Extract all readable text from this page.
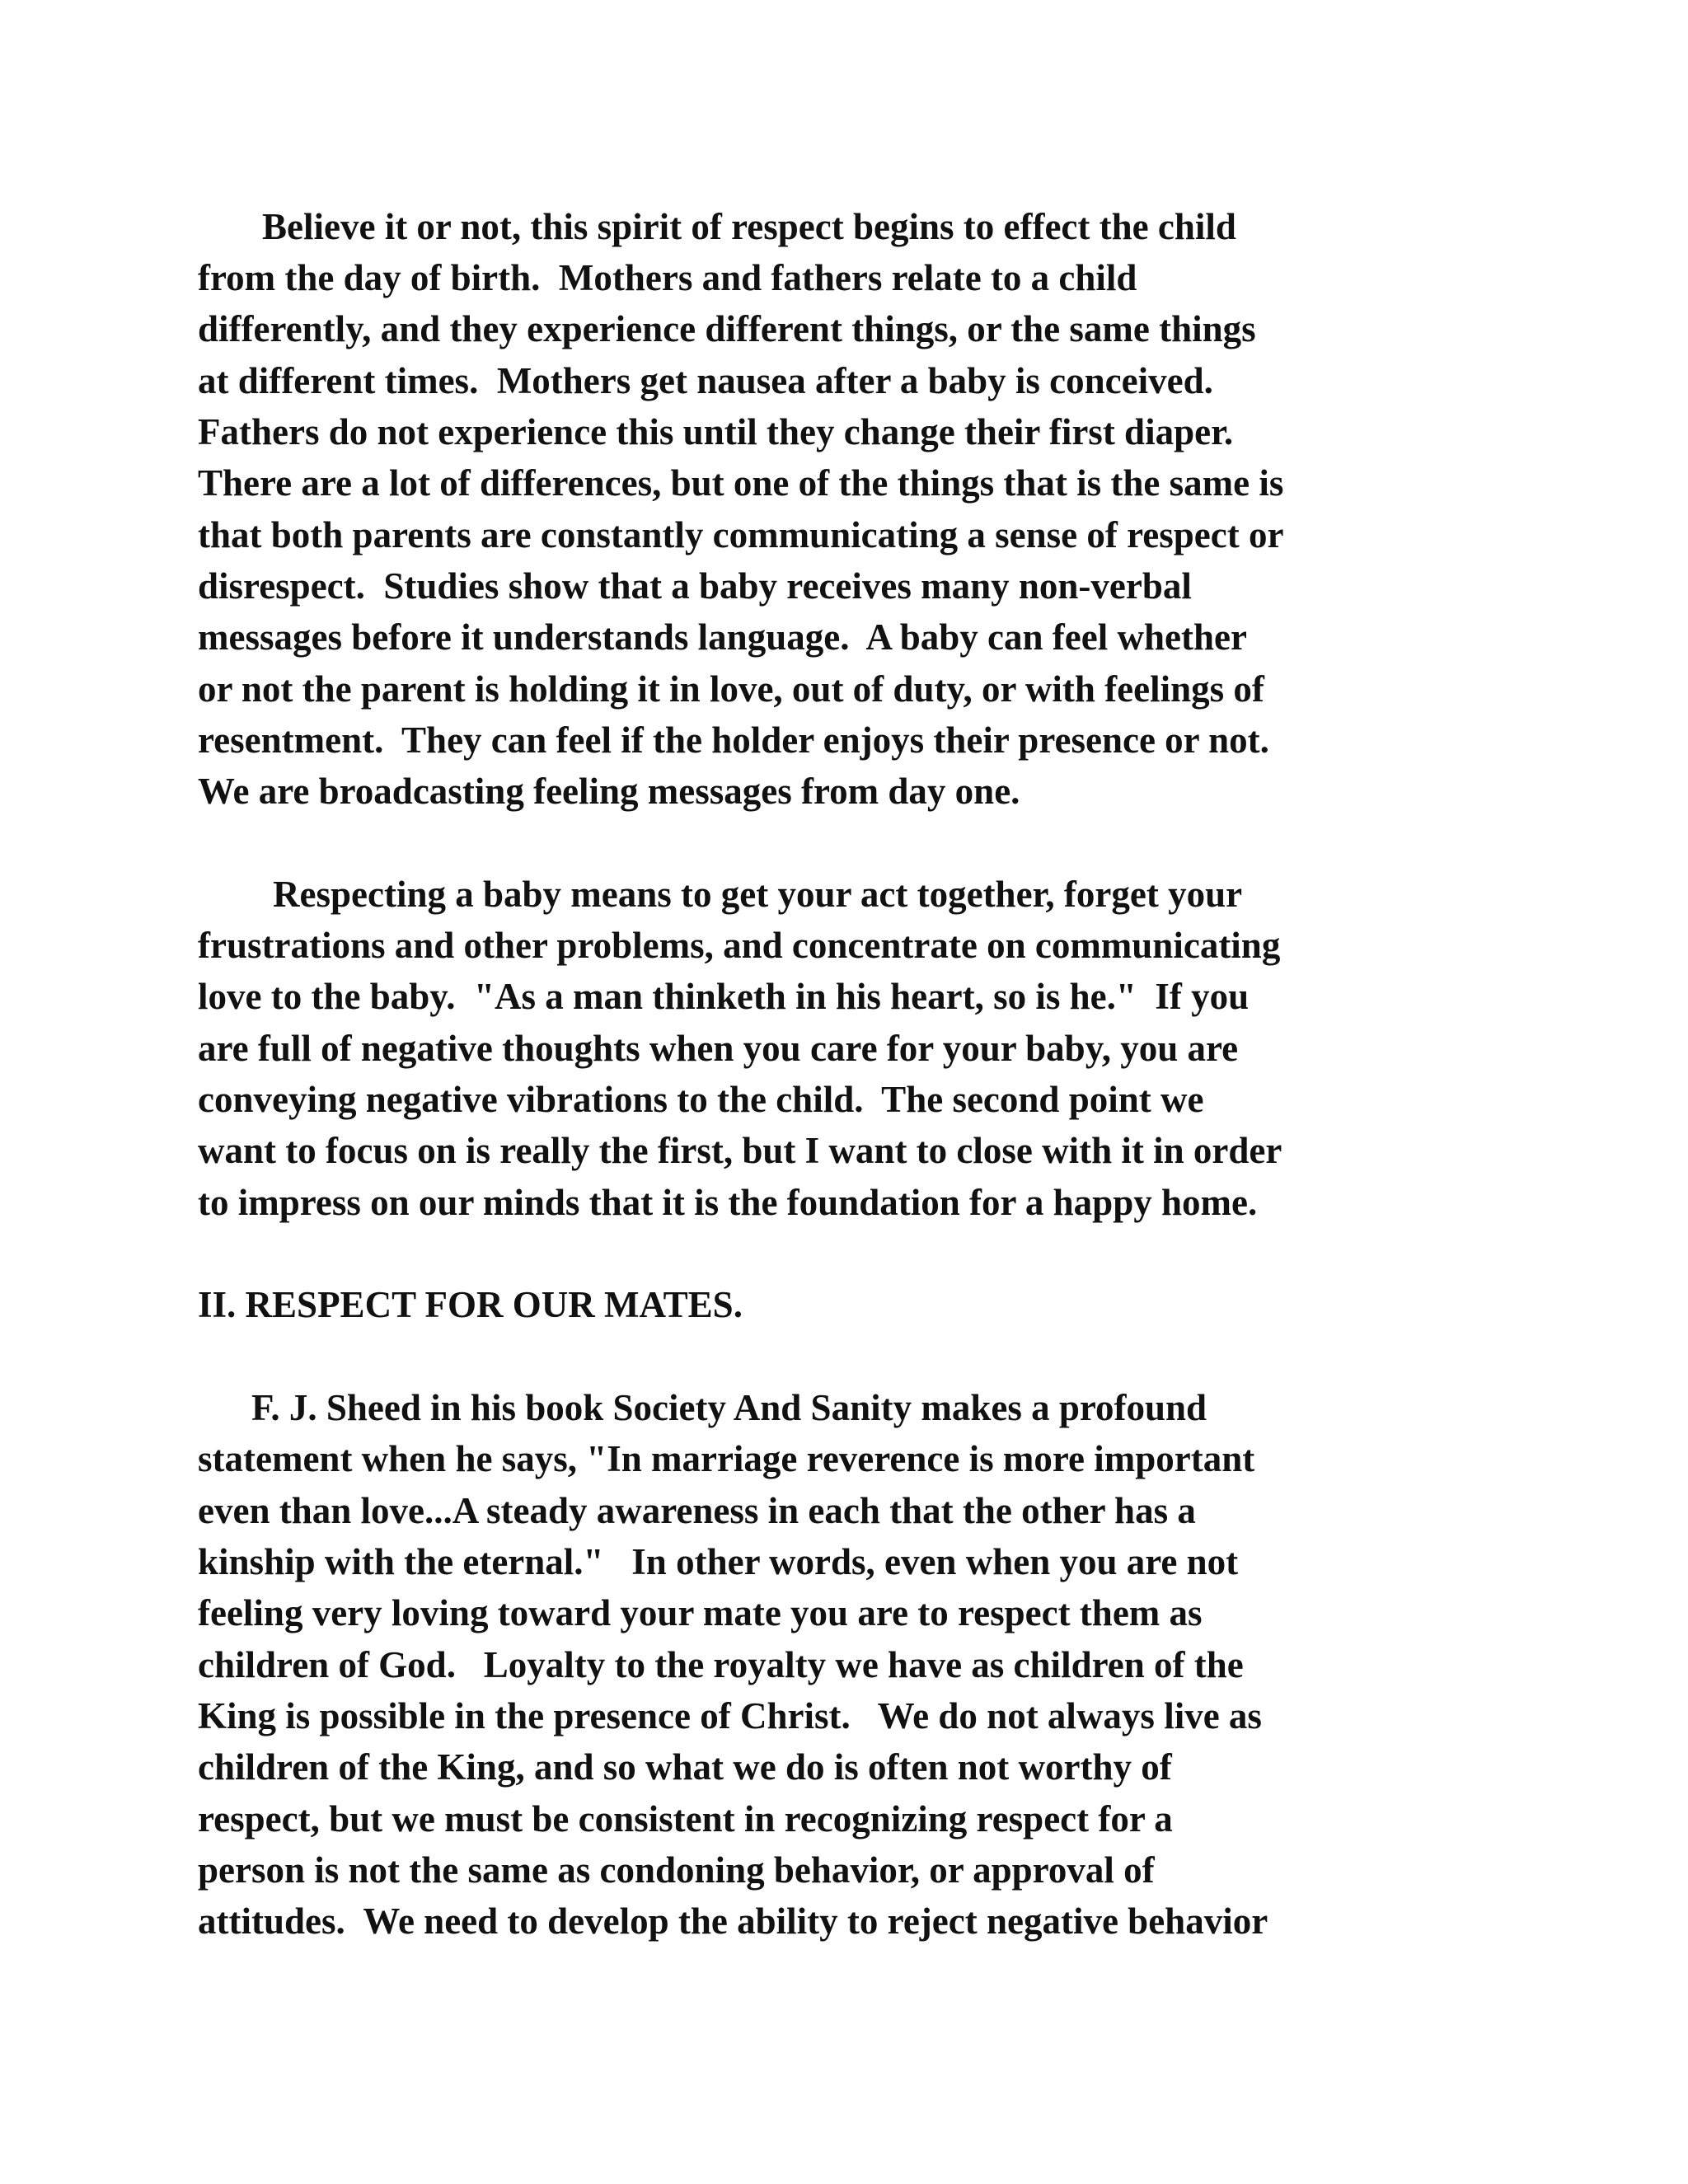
Believe it or not, this spirit of respect begins to effect the child

from the day of birth.  Mothers and fathers relate to a child

differently, and they experience different things, or the same things

at different times.  Mothers get nausea after a baby is conceived.

Fathers do not experience this until they change their first diaper.

There are a lot of differences, but one of the things that is the same is

that both parents are constantly communicating a sense of respect or

disrespect.  Studies show that a baby receives many non-verbal

messages before it understands language.  A baby can feel whether

or not the parent is holding it in love, out of duty, or with feelings of

resentment.  They can feel if the holder enjoys their presence or not.

We are broadcasting feeling messages from day one.

Respecting a baby means to get your act together, forget your

frustrations and other problems, and concentrate on communicating

love to the baby.  "As a man thinketh in his heart, so is he."  If you

are full of negative thoughts when you care for your baby, you are

conveying negative vibrations to the child.  The second point we

want to focus on is really the first, but I want to close with it in order

to impress on our minds that it is the foundation for a happy home.

II. RESPECT FOR OUR MATES.

F. J. Sheed in his book Society And Sanity makes a profound

statement when he says, "In marriage reverence is more important

even than love...A steady awareness in each that the other has a

kinship with the eternal."   In other words, even when you are not

feeling very loving toward your mate you are to respect them as

children of God.   Loyalty to the royalty we have as children of the

King is possible in the presence of Christ.   We do not always live as

children of the King, and so what we do is often not worthy of

respect, but we must be consistent in recognizing respect for a

person is not the same as condoning behavior, or approval of

attitudes.  We need to develop the ability to reject negative behavior
